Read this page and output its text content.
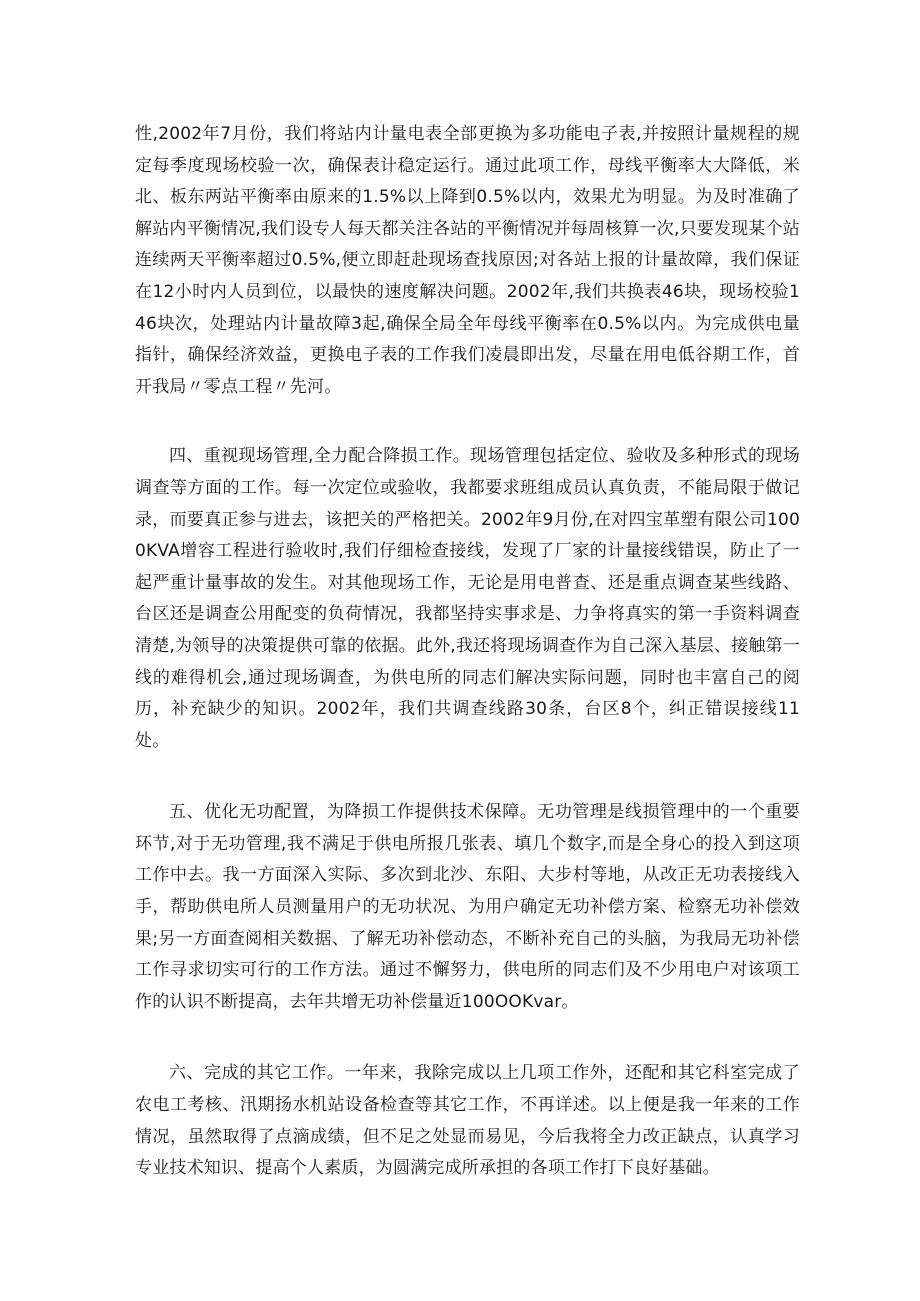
性,2002年7月份，我们将站内计量电表全部更换为多功能电子表,并按照计量规程的规定每季度现场校验一次，确保表计稳定运行。通过此项工作，母线平衡率大大降低，米北、板东两站平衡率由原来的1.5%以上降到0.5%以内，效果尤为明显。为及时准确了解站内平衡情况,我们设专人每天都关注各站的平衡情况并每周核算一次,只要发现某个站连续两天平衡率超过0.5%,便立即赶赴现场查找原因;对各站上报的计量故障，我们保证在12小时内人员到位，以最快的速度解决问题。2002年,我们共换表46块，现场校验146块次，处理站内计量故障3起,确保全局全年母线平衡率在0.5%以内。为完成供电量指针，确保经济效益，更换电子表的工作我们凌晨即出发，尽量在用电低谷期工作，首开我局〃零点工程〃先河。

四、重视现场管理,全力配合降损工作。现场管理包括定位、验收及多种形式的现场调查等方面的工作。每一次定位或验收，我都要求班组成员认真负责，不能局限于做记录，而要真正参与进去，该把关的严格把关。2002年9月份,在对四宝革塑有限公司1000KVA增容工程进行验收时,我们仔细检查接线，发现了厂家的计量接线错误，防止了一起严重计量事故的发生。对其他现场工作，无论是用电普查、还是重点调查某些线路、台区还是调查公用配变的负荷情况，我都坚持实事求是、力争将真实的第一手资料调查清楚,为领导的决策提供可靠的依据。此外,我还将现场调查作为自己深入基层、接触第一线的难得机会,通过现场调查，为供电所的同志们解决实际问题，同时也丰富自己的阅历，补充缺少的知识。2002年，我们共调查线路30条，台区8个，纠正错误接线11处。

五、优化无功配置，为降损工作提供技术保障。无功管理是线损管理中的一个重要环节,对于无功管理,我不满足于供电所报几张表、填几个数字,而是全身心的投入到这项工作中去。我一方面深入实际、多次到北沙、东阳、大步村等地，从改正无功表接线入手，帮助供电所人员测量用户的无功状况、为用户确定无功补偿方案、检察无功补偿效果;另一方面查阅相关数据、了解无功补偿动态，不断补充自己的头脑，为我局无功补偿工作寻求切实可行的工作方法。通过不懈努力，供电所的同志们及不少用电户对该项工作的认识不断提高，去年共增无功补偿量近100OOKvar。

六、完成的其它工作。一年来，我除完成以上几项工作外，还配和其它科室完成了农电工考核、汛期扬水机站设备检查等其它工作，不再详述。以上便是我一年来的工作情况，虽然取得了点滴成绩，但不足之处显而易见，今后我将全力改正缺点，认真学习专业技术知识、提高个人素质，为圆满完成所承担的各项工作打下良好基础。
